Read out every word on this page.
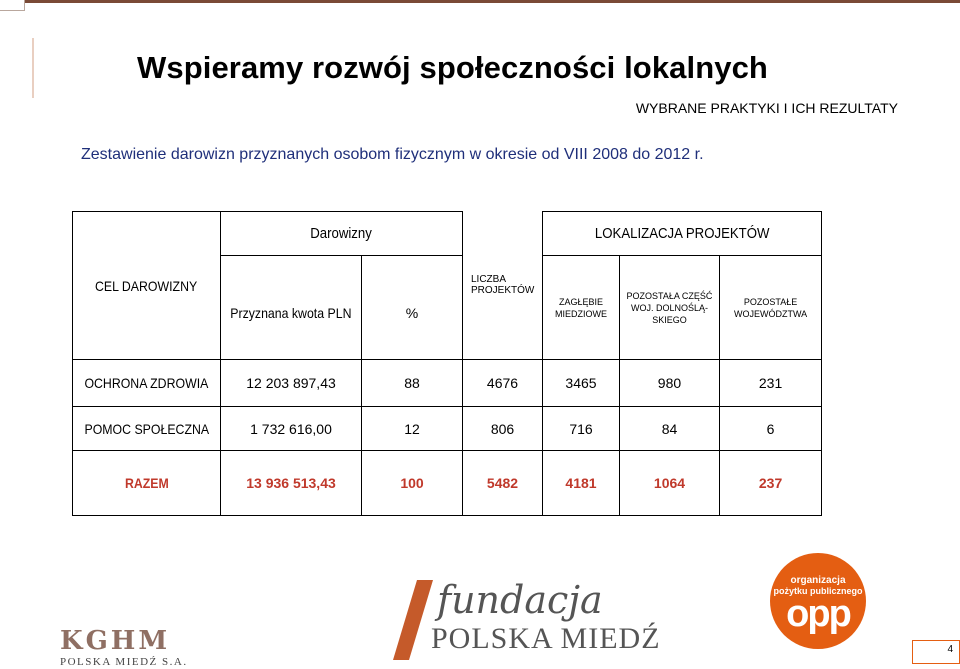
Wspieramy rozwój społeczności lokalnych
WYBRANE PRAKTYKI I ICH REZULTATY
Zestawienie darowizn przyznanych osobom fizycznym w okresie od VIII 2008 do 2012 r.
CEL DAROWIZNY	Darowizny		LICZBA PROJEKTÓW	LOKALIZACJA PROJEKTÓW		
	Przyznana kwota PLN	%		ZAGŁĘBIE MIEDZIOWE	POZOSTAŁA CZĘŚĆ
WOJ. DOLNOŚLĄ-
SKIEGO	POZOSTAŁE WOJEWÓDZTWA

OCHRONA ZDROWIA	12 203 897,43	88	4676	3465	980	231
POMOC SPOŁECZNA	1 732 616,00	12	806	716	84	6
RAZEM	13 936 513,43	100	5482	4181	1064	237
KGHM
POLSKA MIEDŹ S.A.
fundacja
POLSKA MIEDŹ
organizacja
pożytku publicznego
opp
4
